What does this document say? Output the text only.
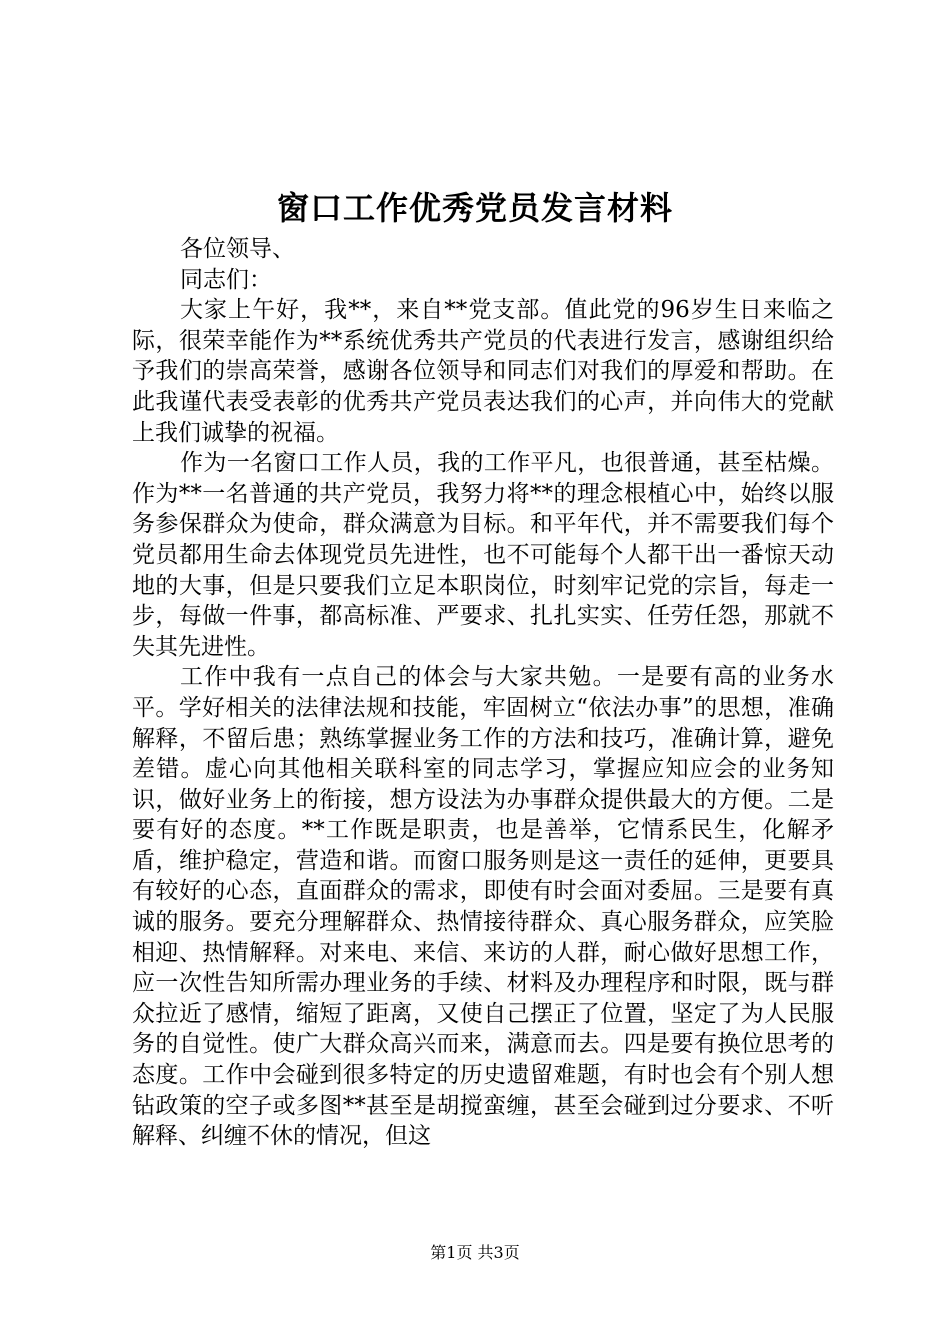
窗口工作优秀党员发言材料

各位领导、

同志们：

大家上午好，我**，来自**党支部。值此党的96岁生日来临之际，很荣幸能作为**系统优秀共产党员的代表进行发言，感谢组织给予我们的崇高荣誉，感谢各位领导和同志们对我们的厚爱和帮助。在此我谨代表受表彰的优秀共产党员表达我们的心声，并向伟大的党献上我们诚挚的祝福。

作为一名窗口工作人员，我的工作平凡，也很普通，甚至枯燥。作为**一名普通的共产党员，我努力将**的理念根植心中，始终以服务参保群众为使命，群众满意为目标。和平年代，并不需要我们每个党员都用生命去体现党员先进性，也不可能每个人都干出一番惊天动地的大事，但是只要我们立足本职岗位，时刻牢记党的宗旨，每走一步，每做一件事，都高标准、严要求、扎扎实实、任劳任怨，那就不失其先进性。

工作中我有一点自己的体会与大家共勉。一是要有高的业务水平。学好相关的法律法规和技能，牢固树立“依法办事”的思想，准确解释，不留后患；熟练掌握业务工作的方法和技巧，准确计算，避免差错。虚心向其他相关联科室的同志学习，掌握应知应会的业务知识，做好业务上的衔接，想方设法为办事群众提供最大的方便。二是要有好的态度。**工作既是职责，也是善举，它情系民生，化解矛盾，维护稳定，营造和谐。而窗口服务则是这一责任的延伸，更要具有较好的心态，直面群众的需求，即使有时会面对委屈。三是要有真诚的服务。要充分理解群众、热情接待群众、真心服务群众，应笑脸相迎、热情解释。对来电、来信、来访的人群，耐心做好思想工作，应一次性告知所需办理业务的手续、材料及办理程序和时限，既与群众拉近了感情，缩短了距离，又使自己摆正了位置，坚定了为人民服务的自觉性。使广大群众高兴而来，满意而去。四是要有换位思考的态度。工作中会碰到很多特定的历史遗留难题，有时也会有个别人想钻政策的空子或多图**甚至是胡搅蛮缠，甚至会碰到过分要求、不听解释、纠缠不休的情况，但这

第1页 共3页
